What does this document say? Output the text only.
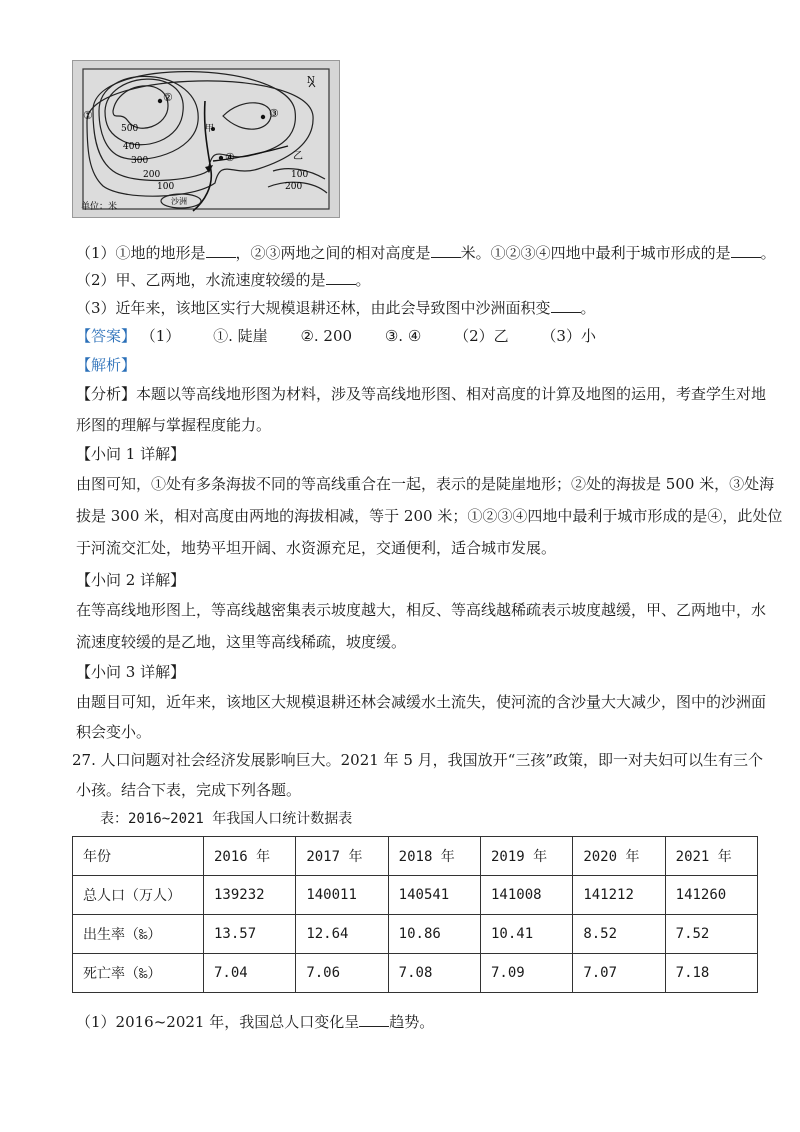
①
②
③
④
500
400
300
200
100
100
200
甲
乙
沙洲
单位：米
N
（1）①地的地形是 ，②③两地之间的相对高度是 米。①②③④四地中最利于城市形成的是 。
（2）甲、乙两地，水流速度较缓的是 。
（3）近年来，该地区实行大规模退耕还林，由此会导致图中沙洲面积变 。
【答案】 （1） ①. 陡崖 ②. 200 ③. ④ （2）乙 （3）小
【解析】
【分析】本题以等高线地形图为材料，涉及等高线地形图、相对高度的计算及地图的运用，考查学生对地
形图的理解与掌握程度能力。
【小问 1 详解】
由图可知，①处有多条海拔不同的等高线重合在一起，表示的是陡崖地形；②处的海拔是 500 米，③处海
拔是 300 米，相对高度由两地的海拔相减，等于 200 米；①②③④四地中最利于城市形成的是④，此处位
于河流交汇处，地势平坦开阔、水资源充足，交通便利，适合城市发展。
【小问 2 详解】
在等高线地形图上，等高线越密集表示坡度越大，相反、等高线越稀疏表示坡度越缓，甲、乙两地中，水
流速度较缓的是乙地，这里等高线稀疏，坡度缓。
【小问 3 详解】
由题目可知，近年来，该地区大规模退耕还林会减缓水土流失，使河流的含沙量大大减少，图中的沙洲面
积会变小。
27. 人口问题对社会经济发展影响巨大。2021 年 5 月，我国放开“三孩”政策，即一对夫妇可以生有三个
小孩。结合下表，完成下列各题。
表：2016~2021 年我国人口统计数据表
年份	2016 年	2017 年	2018 年	2019 年	2020 年	2021 年
总人口（万人）	139232	140011	140541	141008	141212	141260
出生率（‰）	13.57	12.64	10.86	10.41	8.52	7.52
死亡率（‰）	7.04	7.06	7.08	7.09	7.07	7.18
（1）2016~2021 年，我国总人口变化呈 趋势。
